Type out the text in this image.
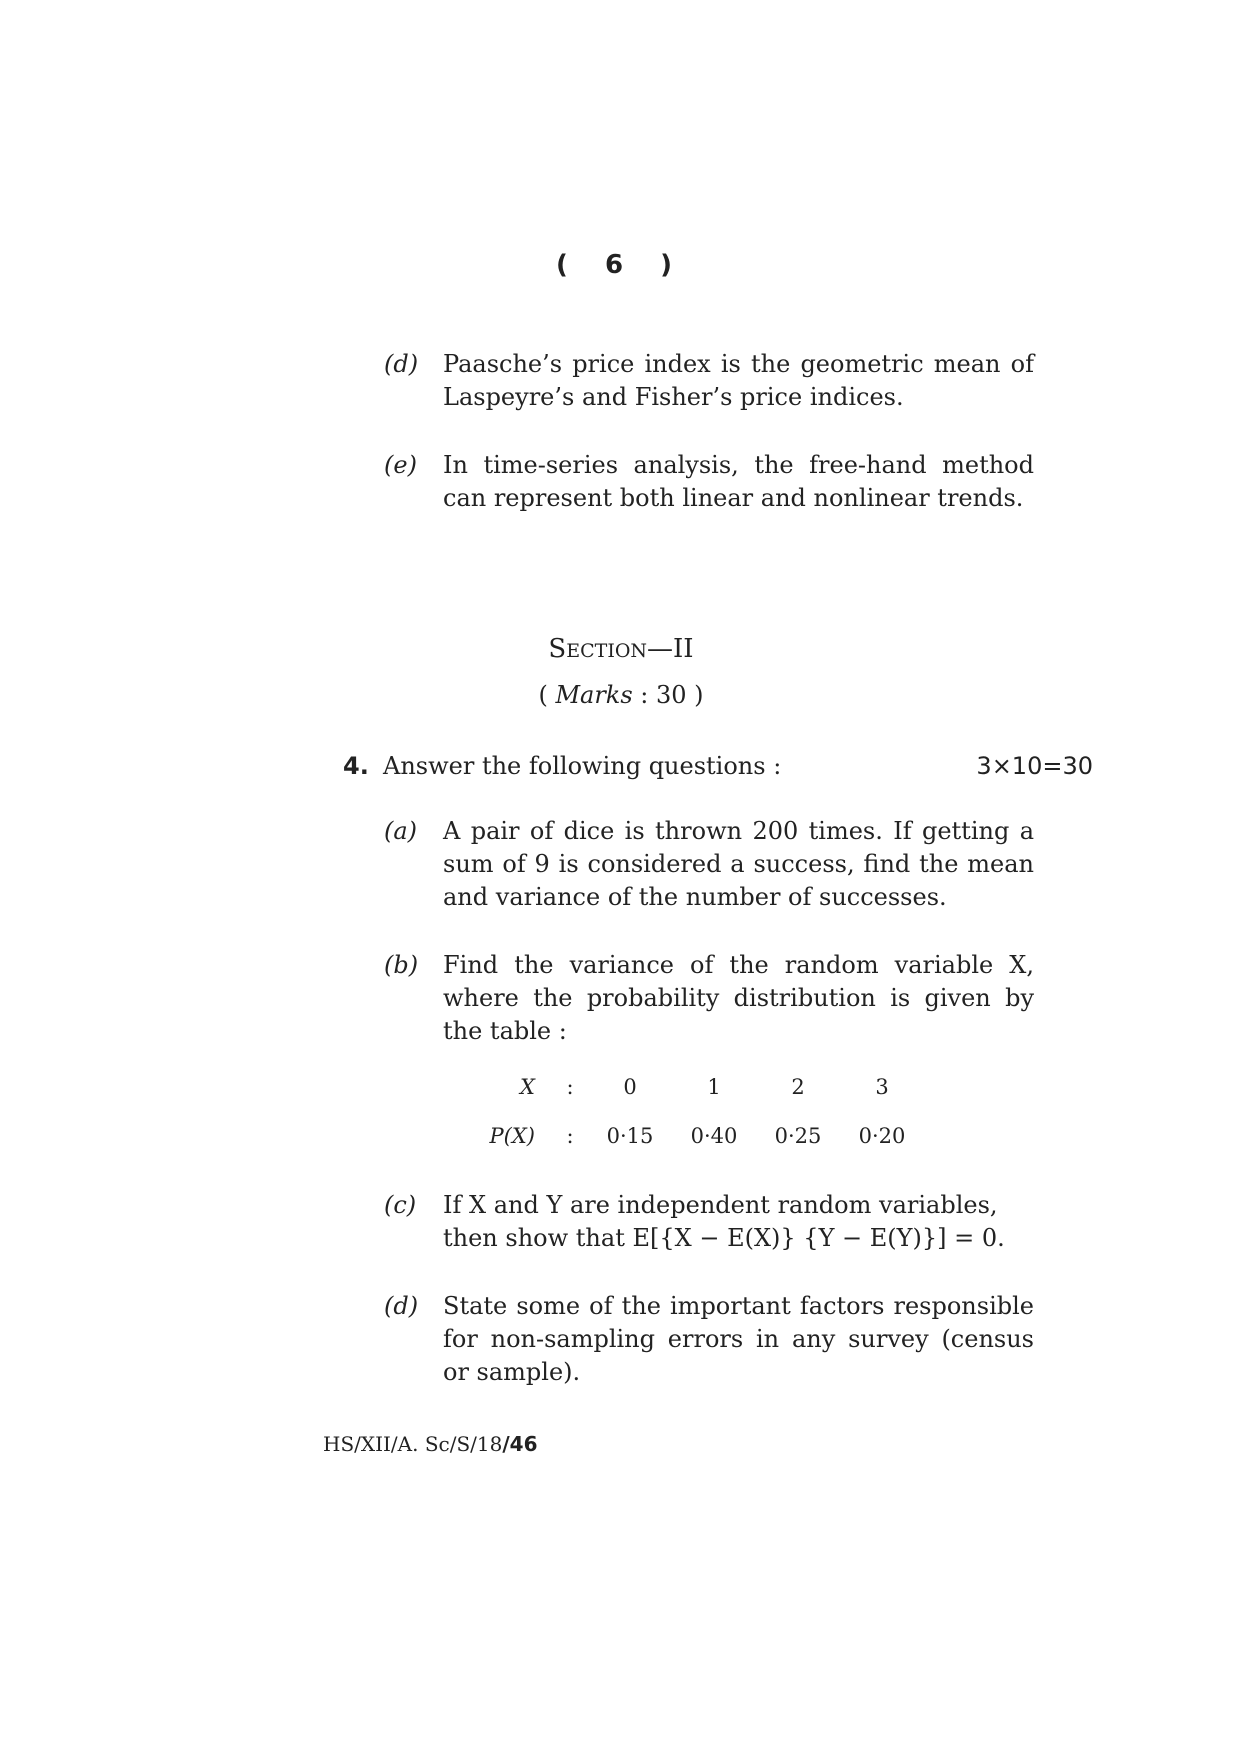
( 6 )
(d) Paasche’s price index is the geometric mean of Laspeyre’s and Fisher’s price indices.
(e) In time-series analysis, the free-hand method can represent both linear and nonlinear trends.
SECTION—II
( Marks : 30 )
4. Answer the following questions :	3×10=30
(a) A pair of dice is thrown 200 times. If getting a sum of 9 is considered a success, find the mean and variance of the number of successes.
(b) Find the variance of the random variable X, where the probability distribution is given by the table :
X	:	0	1	2	3
P(X)	:	0·15	0·40	0·25	0·20
(c) If X and Y are independent random variables,
then show that E[{X − E(X)} {Y − E(Y)}] = 0.
(d) State some of the important factors responsible for non-sampling errors in any survey (census or sample).
HS/XII/A. Sc/S/18/46
